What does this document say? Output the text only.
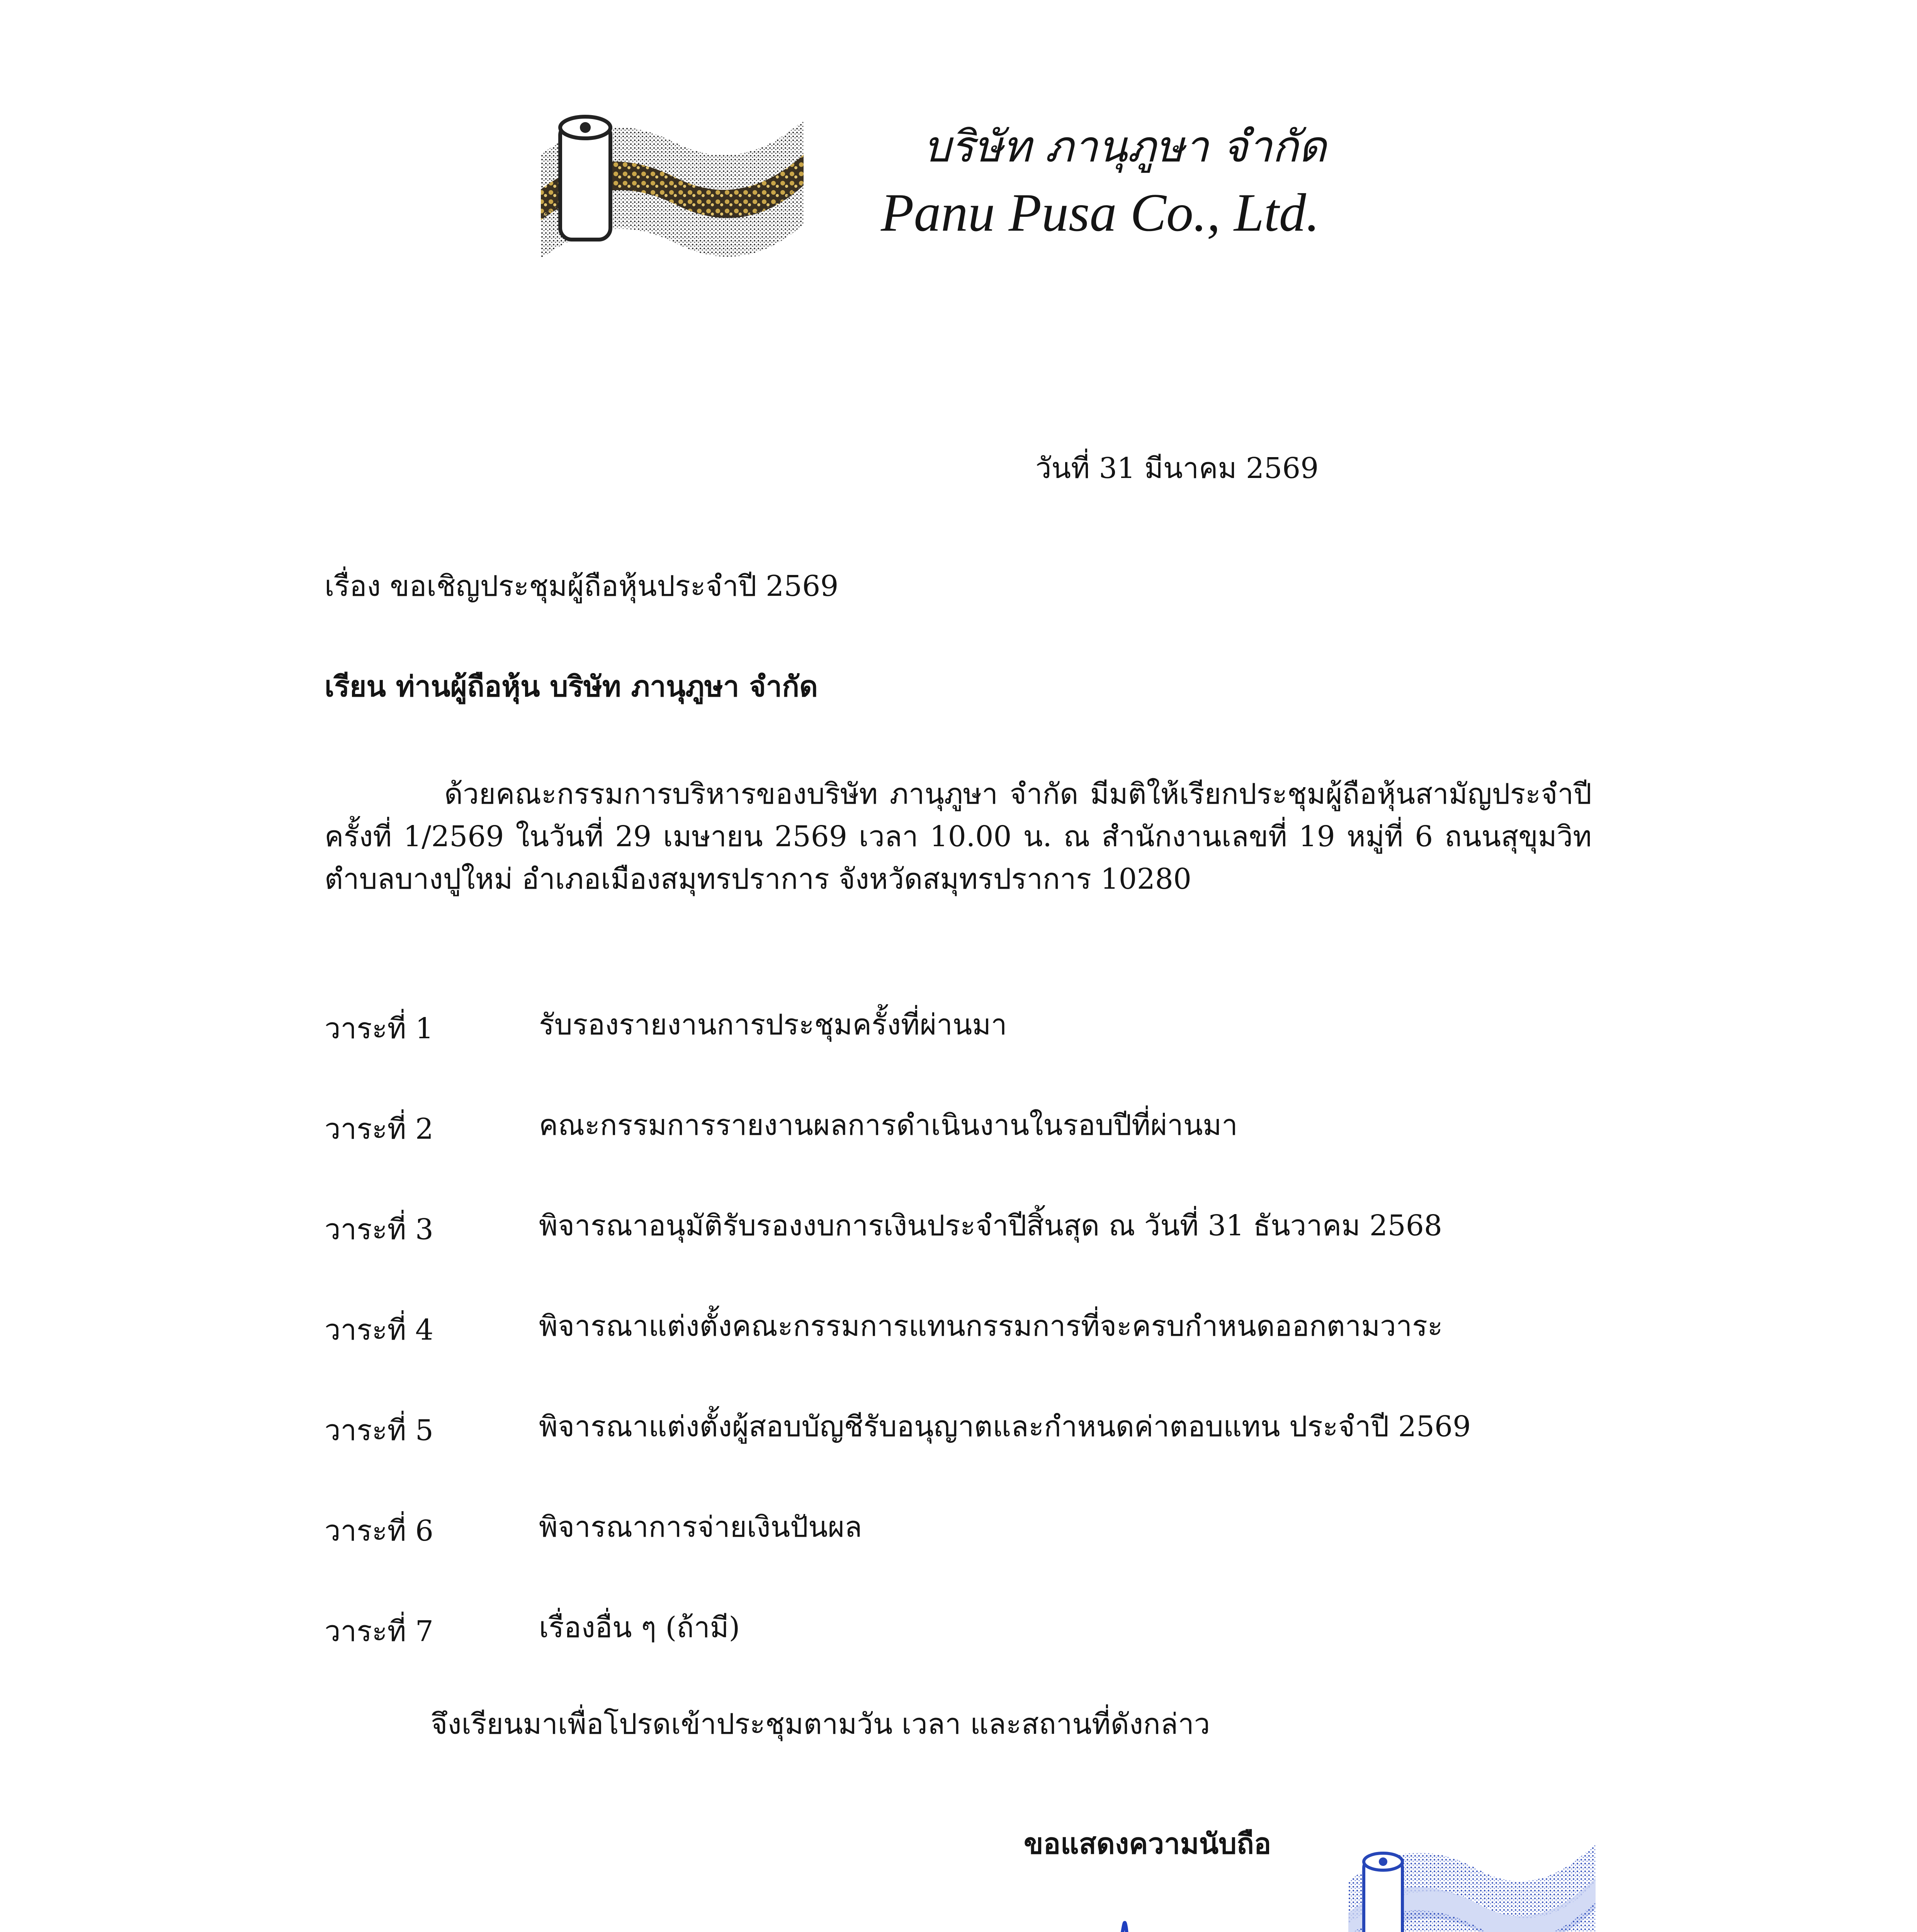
บริษัท ภานุภูษา จำกัด
Panu Pusa Co., Ltd.
วันที่ 31 มีนาคม 2569
เรื่อง ขอเชิญประชุมผู้ถือหุ้นประจำปี 2569
เรียน ท่านผู้ถือหุ้น บริษัท ภานุภูษา จำกัด
ด้วยคณะกรรมการบริหารของบริษัท ภานุภูษา จำกัด มีมติให้เรียกประชุมผู้ถือหุ้นสามัญประจำปี ครั้งที่ 1/2569 ในวันที่ 29 เมษายน 2569 เวลา 10.00 น. ณ สำนักงานเลขที่ 19 หมู่ที่ 6 ถนนสุขุมวิท ตำบลบางปูใหม่ อำเภอเมืองสมุทรปราการ จังหวัดสมุทรปราการ 10280
วาระที่ 1	รับรองรายงานการประชุมครั้งที่ผ่านมา
วาระที่ 2	คณะกรรมการรายงานผลการดำเนินงานในรอบปีที่ผ่านมา
วาระที่ 3	พิจารณาอนุมัติรับรองงบการเงินประจำปีสิ้นสุด ณ วันที่ 31 ธันวาคม 2568
วาระที่ 4	พิจารณาแต่งตั้งคณะกรรมการแทนกรรมการที่จะครบกำหนดออกตามวาระ
วาระที่ 5	พิจารณาแต่งตั้งผู้สอบบัญชีรับอนุญาตและกำหนดค่าตอบแทน ประจำปี 2569
วาระที่ 6	พิจารณาการจ่ายเงินปันผล
วาระที่ 7	เรื่องอื่น ๆ (ถ้ามี)
จึงเรียนมาเพื่อโปรดเข้าประชุมตามวัน เวลา และสถานที่ดังกล่าว
ขอแสดงความนับถือ
